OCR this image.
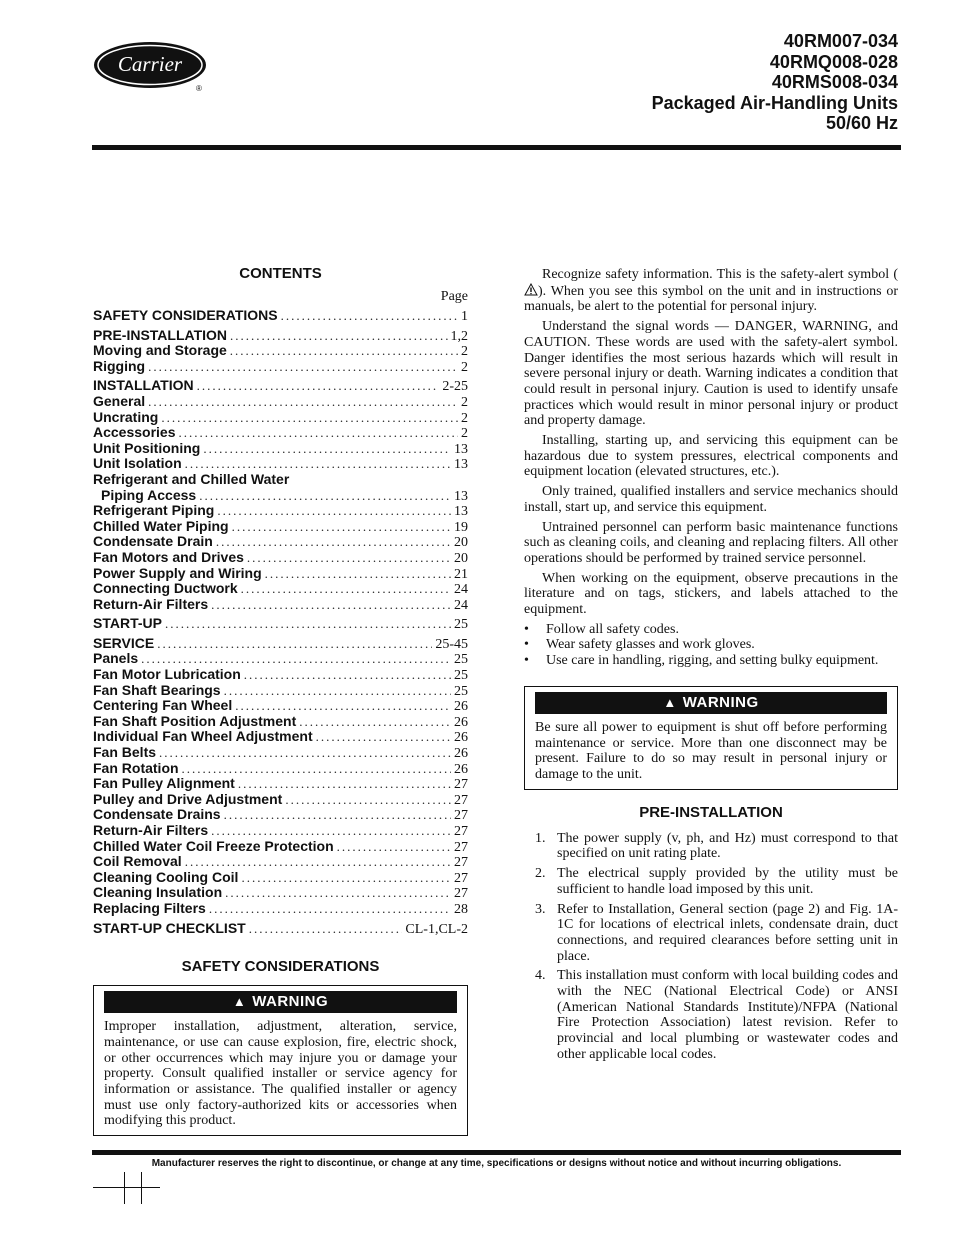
Carrier
®
40RM007-034
40RMQ008-028
40RMS008-034
Packaged Air-Handling Units
50/60 Hz
CONTENTS
Page
SAFETY CONSIDERATIONS .....	1
PRE-INSTALLATION .....	1,2
Moving and Storage .....	2
Rigging .....	2
INSTALLATION .....	2-25
General .....	2
Uncrating .....	2
Accessories .....	2
Unit Positioning .....	13
Unit Isolation .....	13
Refrigerant and Chilled Water
Piping Access .....	13
Refrigerant Piping .....	13
Chilled Water Piping .....	19
Condensate Drain .....	20
Fan Motors and Drives .....	20
Power Supply and Wiring .....	21
Connecting Ductwork .....	24
Return-Air Filters .....	24
START-UP .....	25
SERVICE .....	25-45
Panels .....	25
Fan Motor Lubrication .....	25
Fan Shaft Bearings .....	25
Centering Fan Wheel .....	26
Fan Shaft Position Adjustment .....	26
Individual Fan Wheel Adjustment .....	26
Fan Belts .....	26
Fan Rotation .....	26
Fan Pulley Alignment .....	27
Pulley and Drive Adjustment .....	27
Condensate Drains .....	27
Return-Air Filters .....	27
Chilled Water Coil Freeze Protection .....	27
Coil Removal .....	27
Cleaning Cooling Coil .....	27
Cleaning Insulation .....	27
Replacing Filters .....	28
START-UP CHECKLIST .....	CL-1,CL-2
SAFETY CONSIDERATIONS
▲ WARNING

Improper installation, adjustment, alteration, service, maintenance, or use can cause explosion, fire, electric shock, or other occurrences which may injure you or damage your property. Consult qualified installer or service agency for information or assistance. The qualified installer or agency must use only factory-authorized kits or accessories when modifying this product.

Recognize safety information. This is the safety-alert symbol (). When you see this symbol on the unit and in instructions or manuals, be alert to the potential for personal injury.

Understand the signal words — DANGER, WARNING, and CAUTION. These words are used with the safety-alert symbol. Danger identifies the most serious hazards which will result in severe personal injury or death. Warning indicates a condition that could result in personal injury. Caution is used to identify unsafe practices which would result in minor personal injury or product and property damage.

Installing, starting up, and servicing this equipment can be hazardous due to system pressures, electrical components and equipment location (elevated structures, etc.).

Only trained, qualified installers and service mechanics should install, start up, and service this equipment.

Untrained personnel can perform basic maintenance functions such as cleaning coils, and cleaning and replacing filters. All other operations should be performed by trained service personnel.

When working on the equipment, observe precautions in the literature and on tags, stickers, and labels attached to the equipment.

• Follow all safety codes.
• Wear safety glasses and work gloves.
• Use care in handling, rigging, and setting bulky equipment.
▲ WARNING

Be sure all power to equipment is shut off before performing maintenance or service. More than one disconnect may be present. Failure to do so may result in personal injury or damage to the unit.

PRE-INSTALLATION
1. The power supply (v, ph, and Hz) must correspond to that specified on unit rating plate.
2. The electrical supply provided by the utility must be sufficient to handle load imposed by this unit.
3. Refer to Installation, General section (page 2) and Fig. 1A-1C for locations of electrical inlets, condensate drain, duct connections, and required clearances before setting unit in place.
4. This installation must conform with local building codes and with the NEC (National Electrical Code) or ANSI (American National Standards Institute)/NFPA (National Fire Protection Association) latest revision. Refer to provincial and local plumbing or wastewater codes and other applicable local codes.
Manufacturer reserves the right to discontinue, or change at any time, specifications or designs without notice and without incurring obligations.
